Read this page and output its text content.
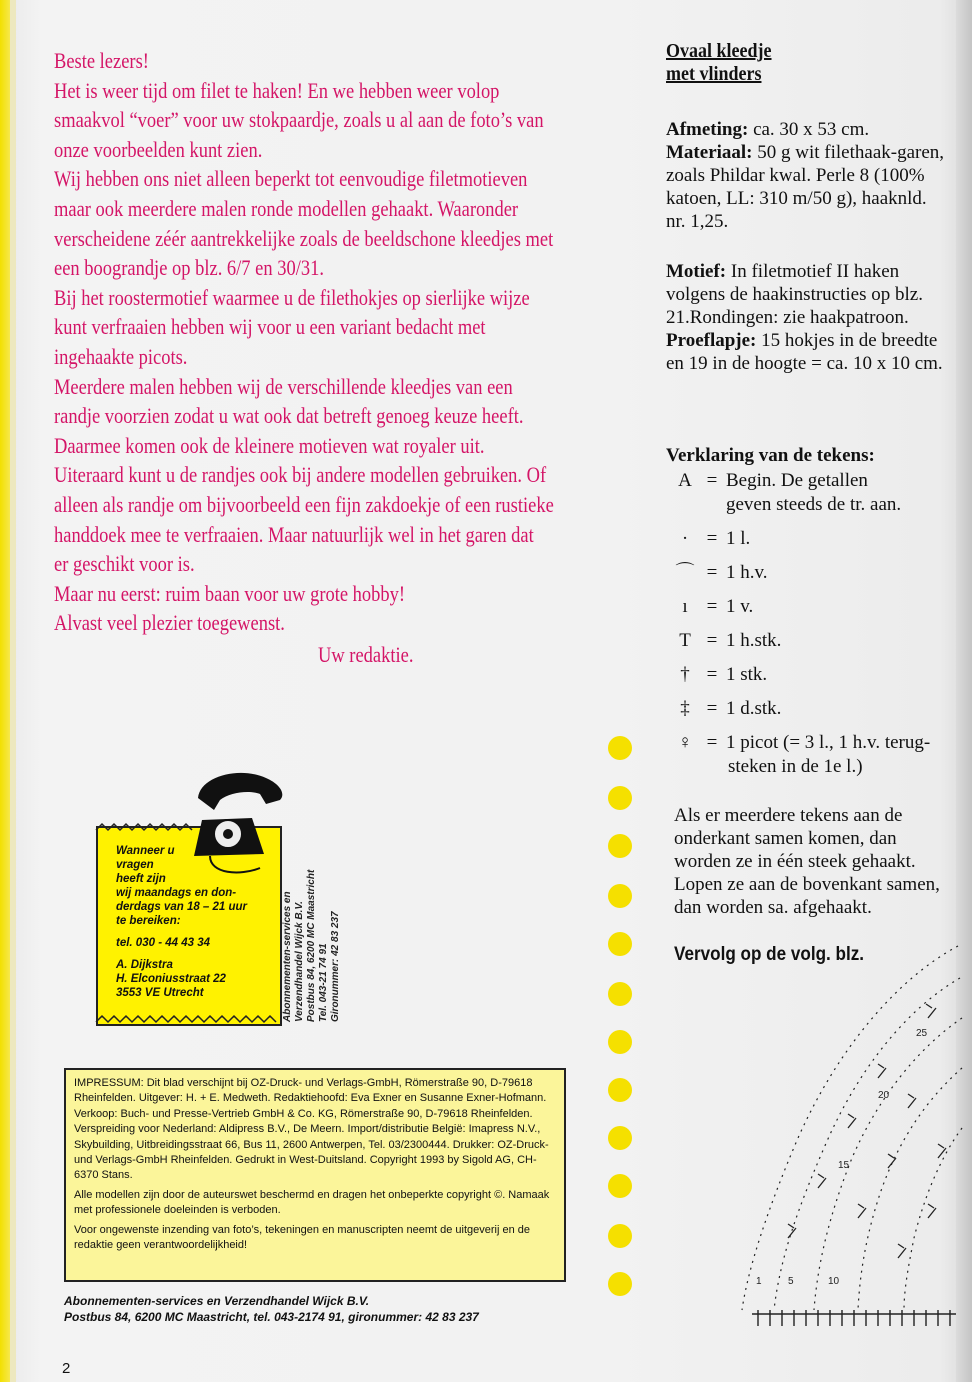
Beste lezers!

Het is weer tijd om filet te haken! En we hebben weer volop

smaakvol “voer” voor uw stokpaardje, zoals u al aan de foto’s van

onze voorbeelden kunt zien.

Wij hebben ons niet alleen beperkt tot eenvoudige filetmotieven

maar ook meerdere malen ronde modellen gehaakt. Waaronder

verscheidene zéér aantrekkelijke zoals de beeldschone kleedjes met

een boograndje op blz. 6/7 en 30/31.

Bij het roostermotief waarmee u de filethokjes op sierlijke wijze

kunt verfraaien hebben wij voor u een variant bedacht met

ingehaakte picots.

Meerdere malen hebben wij de verschillende kleedjes van een

randje voorzien zodat u wat ook dat betreft genoeg keuze heeft.

Daarmee komen ook de kleinere motieven wat royaler uit.

Uiteraard kunt u de randjes ook bij andere modellen gebruiken. Of

alleen als randje om bijvoorbeeld een fijn zakdoekje of een rustieke

handdoek mee te verfraaien. Maar natuurlijk wel in het garen dat

er geschikt voor is.

Maar nu eerst: ruim baan voor uw grote hobby!

Alvast veel plezier toegewenst.

Uw redaktie.
Ovaal kleedje
met vlinders
Afmeting: ca. 30 x 53 cm.
Materiaal: 50 g wit filethaak-garen, zoals Phildar kwal. Perle 8 (100% katoen, LL: 310 m/50 g), haaknld. nr. 1,25.
Motief: In filetmotief II haken volgens de haakinstructies op blz. 21.Rondingen: zie haakpatroon.
Proeflapje: 15 hokjes in de breedte en 19 in de hoogte = ca. 10 x 10 cm.
Verklaring van de tekens:
A = Begin. De getallen
geven steeds de tr. aan.
· = 1 l.
⌒ = 1 h.v.
ı = 1 v.
T = 1 h.stk.
† = 1 stk.
‡ = 1 d.stk.
♀ = 1 picot (= 3 l., 1 h.v. terug-
steken in de 1e l.)
Als er meerdere tekens aan de onderkant samen komen, dan worden ze in één steek gehaakt. Lopen ze aan de bovenkant samen, dan worden sa. afgehaakt.
Vervolg op de volg. blz.
Wanneer u
vragen
heeft zijn
wij maandags en don-
derdags van 18 – 21 uur
te bereiken:
tel. 030 - 44 43 34
A. Dijkstra
H. Elconiusstraat 22
3553 VE Utrecht	Abonnementen-services en Verzendhandel Wijck B.V. Postbus 84, 6200 MC Maastricht Tel. 043-21 74 91 Gironummer: 42 83 237

IMPRESSUM: Dit blad verschijnt bij OZ-Druck- und Verlags-GmbH, Römerstraße 90, D-79618 Rheinfelden. Uitgever: H. + E. Medweth. Redaktiehoofd: Eva Exner en Susanne Exner-Hofmann. Verkoop: Buch- und Presse-Vertrieb GmbH & Co. KG, Römerstraße 90, D-79618 Rheinfelden. Verspreiding voor Nederland: Aldipress B.V., De Meern. Import/distributie België: Imapress N.V., Skybuilding, Uitbreidingsstraat 66, Bus 11, 2600 Antwerpen, Tel. 03/2300444. Drukker: OZ-Druck- und Verlags-GmbH Rheinfelden. Gedrukt in West-Duitsland. Copyright 1993 by Sigold AG, CH-6370 Stans.

Alle modellen zijn door de auteurswet beschermd en dragen het onbeperkte copyright ©. Namaak met professionele doeleinden is verboden.

Voor ongewenste inzending van foto’s, tekeningen en manuscripten neemt de uitgeverij en de redaktie geen verantwoordelijkheid!

Abonnementen-services en Verzendhandel Wijck B.V.
Postbus 84, 6200 MC Maastricht, tel. 043-2174 91, gironummer: 42 83 237
2
25
20
15
10
5
1
